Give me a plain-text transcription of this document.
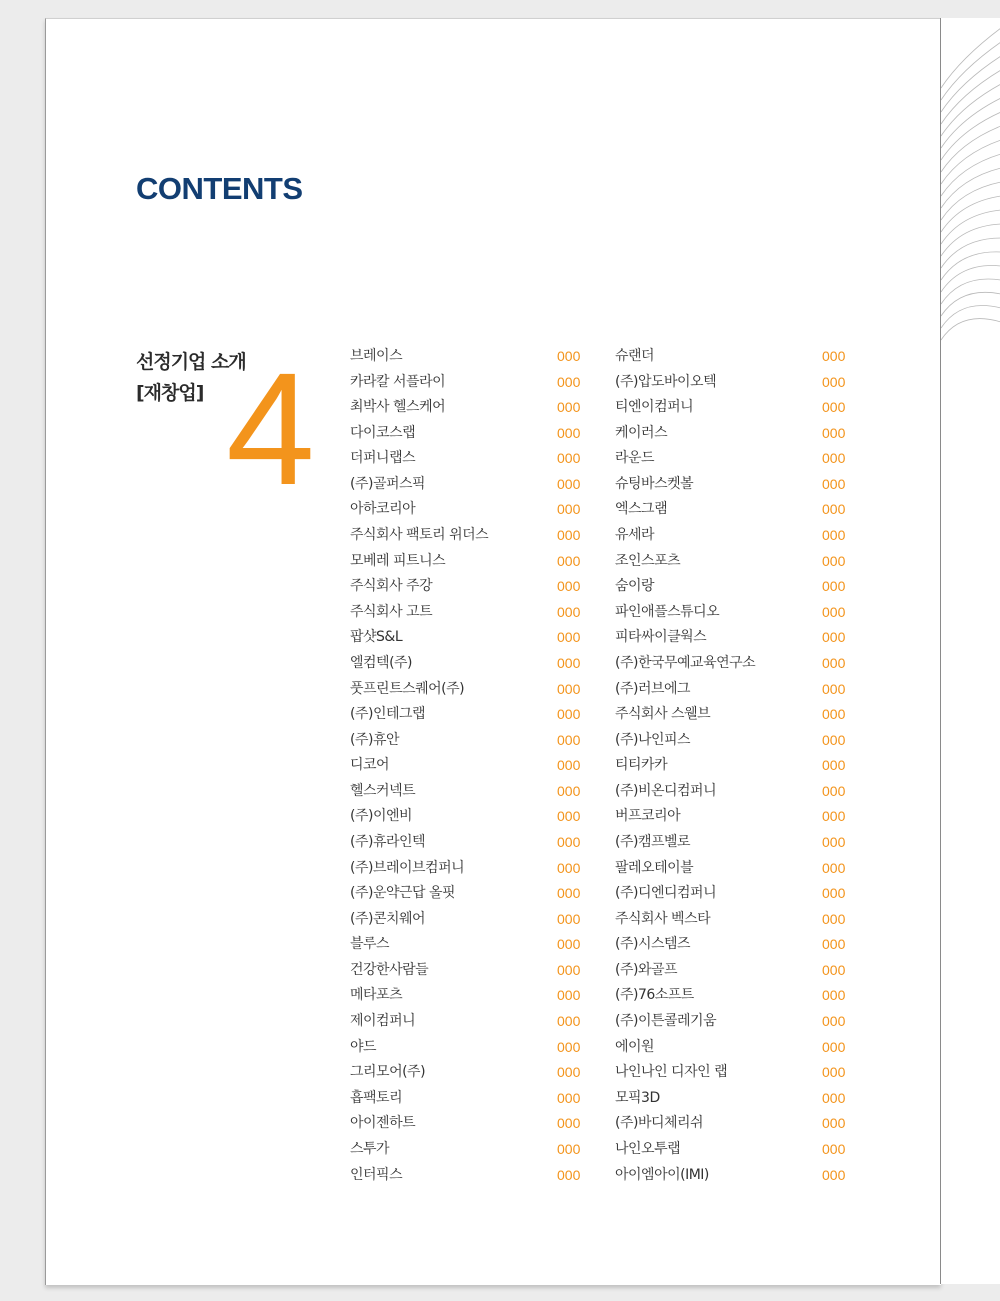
CONTENTS
선정기업 소개
[재창업] 4	브레이스	000
카라칼 서플라이	000
최박사 헬스케어	000
다이코스랩	000
더퍼니랩스	000
(주)골퍼스픽	000
아하코리아	000
주식회사 팩토리 위더스	000
모베레 피트니스	000
주식회사 주강	000
주식회사 고트	000
팝샷S&L	000
엘컴텍(주)	000
풋프린트스퀘어(주)	000
(주)인테그랩	000
(주)휴안	000
디코어	000
헬스커넥트	000
(주)이엔비	000
(주)휴라인텍	000
(주)브레이브컴퍼니	000
(주)운약근답 올핏	000
(주)콘치웨어	000
블루스	000
건강한사람들	000
메타포츠	000
제이컴퍼니	000
야드	000
그리모어(주)	000
흡팩토리	000
아이젠하트	000
스투가	000
인터픽스	000
슈랜더	000
(주)압도바이오텍	000
티엔이컴퍼니	000
케이러스	000
라운드	000
슈팅바스켓볼	000
엑스그램	000
유세라	000
조인스포츠	000
숨이랑	000
파인애플스튜디오	000
피타싸이클웍스	000
(주)한국무예교육연구소	000
(주)러브에그	000
주식회사 스웰브	000
(주)나인피스	000
티티카카	000
(주)비온디컴퍼니	000
버프코리아	000
(주)캠프벨로	000
팔레오테이블	000
(주)디엔디컴퍼니	000
주식회사 벡스타	000
(주)시스템즈	000
(주)와골프	000
(주)76소프트	000
(주)이튼콜레기움	000
에이원	000
나인나인 디자인 랩	000
모픽3D	000
(주)바디체리쉬	000
나인오투랩	000
아이엠아이(IMI)	000
